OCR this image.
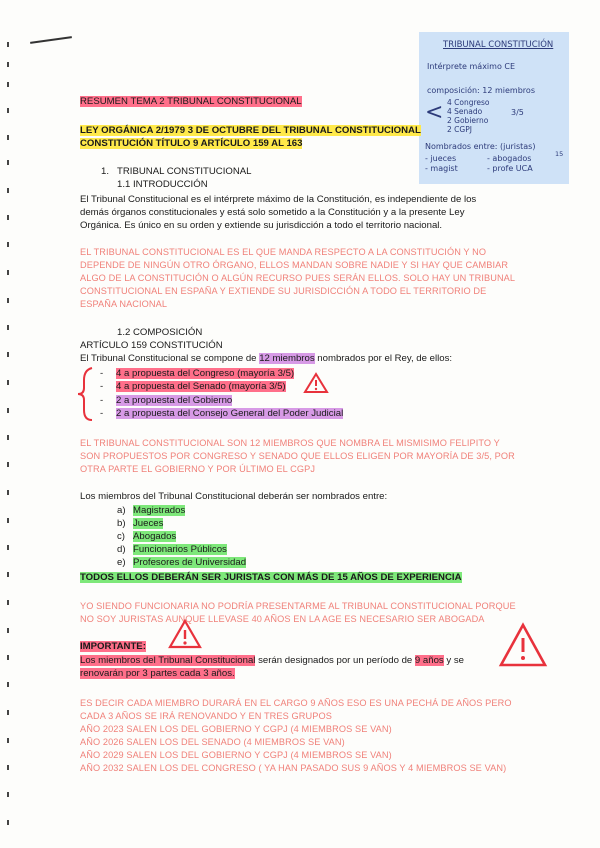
TRIBUNAL CONSTITUCIÓN
Intérprete máximo CE
composición: 12 miembros
< 4 Congreso
4 Senado
2 Gobierno
2 CGPJ
3/5
Nombrados entre: (juristas)
- jueces
- magist
- abogados
- profe UCA
15
RESUMEN TEMA 2 TRIBUNAL CONSTITUCIONAL
LEY ORGÁNICA 2/1979 3 DE OCTUBRE DEL TRIBUNAL CONSTITUCIONAL
CONSTITUCIÓN TÍTULO 9 ARTÍCULO 159 AL 163
1. TRIBUNAL CONSTITUCIONAL
1.1 INTRODUCCIÓN
El Tribunal Constitucional es el intérprete máximo de la Constitución, es independiente de los
demás órganos constitucionales y está solo sometido a la Constitución y a la presente Ley
Orgánica. Es único en su orden y extiende su jurisdicción a todo el territorio nacional.
EL TRIBUNAL CONSTITUCIONAL ES EL QUE MANDA RESPECTO A LA CONSTITUCIÓN Y NO
DEPENDE DE NINGÚN OTRO ÓRGANO, ELLOS MANDAN SOBRE NADIE Y SI HAY QUE CAMBIAR
ALGO DE LA CONSTITUCIÓN O ALGÚN RECURSO PUES SERÁN ELLOS. SOLO HAY UN TRIBUNAL
CONSTITUCIONAL EN ESPAÑA Y EXTIENDE SU JURISDICCIÓN A TODO EL TERRITORIO DE
ESPAÑA NACIONAL
1.2 COMPOSICIÓN
ARTÍCULO 159 CONSTITUCIÓN
El Tribunal Constitucional se compone de 12 miembros nombrados por el Rey, de ellos:
- 4 a propuesta del Congreso (mayoría 3/5)
- 4 a propuesta del Senado (mayoría 3/5)
- 2 a propuesta del Gobierno
- 2 a propuesta del Consejo General del Poder Judicial
EL TRIBUNAL CONSTITUCIONAL SON 12 MIEMBROS QUE NOMBRA EL MISMISIMO FELIPITO Y
SON PROPUESTOS POR CONGRESO Y SENADO QUE ELLOS ELIGEN POR MAYORÍA DE 3/5, POR
OTRA PARTE EL GOBIERNO Y POR ÚLTIMO EL CGPJ
Los miembros del Tribunal Constitucional deberán ser nombrados entre:
a) Magistrados
b) Jueces
c) Abogados
d) Funcionarios Públicos
e) Profesores de Universidad
TODOS ELLOS DEBERÁN SER JURISTAS CON MÁS DE 15 AÑOS DE EXPERIENCIA
YO SIENDO FUNCIONARIA NO PODRÍA PRESENTARME AL TRIBUNAL CONSTITUCIONAL PORQUE
NO SOY JURISTAS AUNQUE LLEVASE 40 AÑOS EN LA AGE ES NECESARIO SER ABOGADA
IMPORTANTE:
Los miembros del Tribunal Constitucional serán designados por un período de 9 años y se
renovarán por 3 partes cada 3 años.
ES DECIR CADA MIEMBRO DURARÁ EN EL CARGO 9 AÑOS ESO ES UNA PECHÁ DE AÑOS PERO
CADA 3 AÑOS SE IRÁ RENOVANDO Y EN TRES GRUPOS
AÑO 2023 SALEN LOS DEL GOBIERNO Y CGPJ (4 MIEMBROS SE VAN)
AÑO 2026 SALEN LOS DEL SENADO (4 MIEMBROS SE VAN)
AÑO 2029 SALEN LOS DEL GOBIERNO Y CGPJ (4 MIEMBROS SE VAN)
AÑO 2032 SALEN LOS DEL CONGRESO ( YA HAN PASADO SUS 9 AÑOS Y 4 MIEMBROS SE VAN)
